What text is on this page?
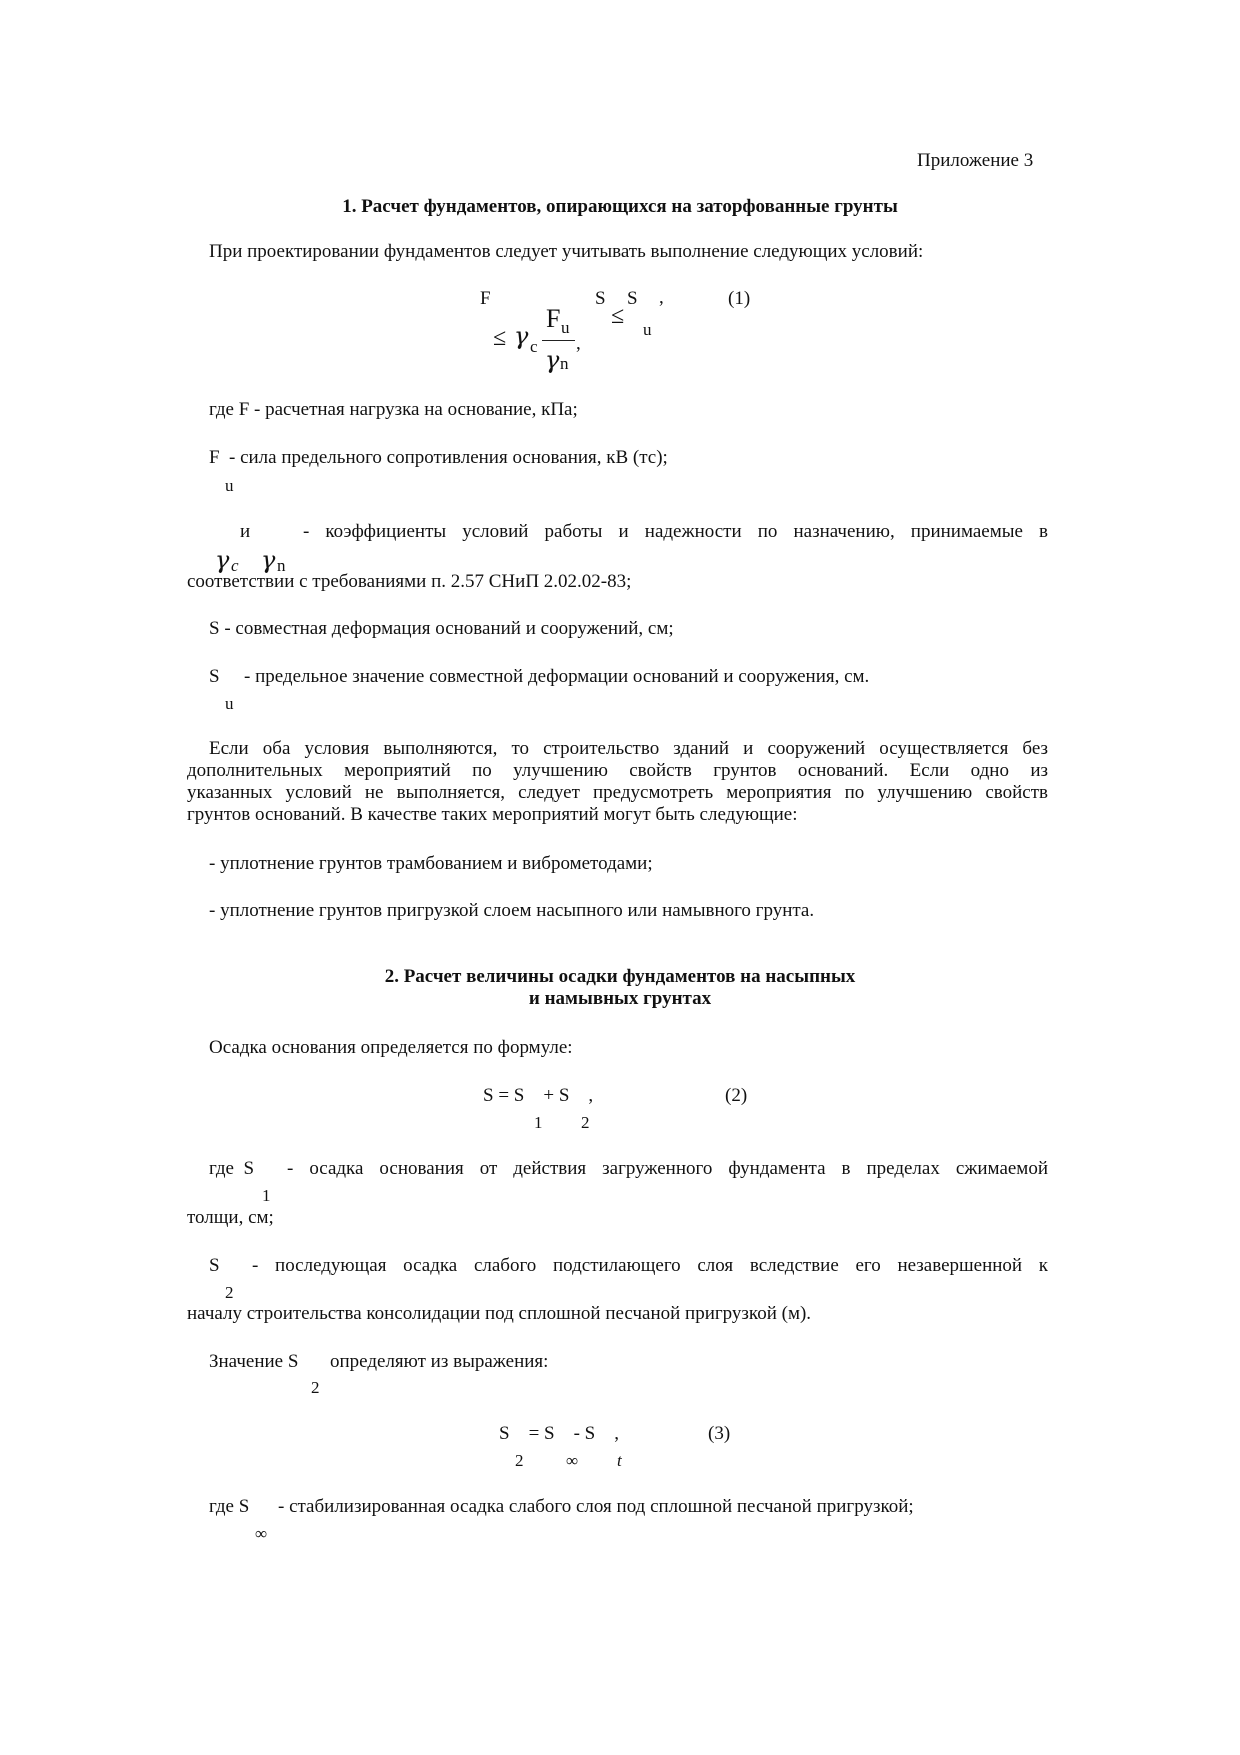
Приложение 3
1. Расчет фундаментов, опирающихся на заторфованные грунты
При проектировании фундаментов следует учитывать выполнение следующих условий:
F	S S ,	(1)
≤
u
≤ γ c
F u
γ n
,
где F - расчетная нагрузка на основание, кПа;
F
u
- сила предельного сопротивления основания, кВ (тс);
и	- коэффициенты условий работы и надежности по назначению, принимаемые в
γ c γ n
соответствии с требованиями п. 2.57 СНиП 2.02.02-83;
S - совместная деформация оснований и сооружений, см;
S
u
- предельное значение совместной деформации оснований и сооружения, см.
Если оба условия выполняются, то строительство зданий и сооружений осуществляется без
дополнительных мероприятий по улучшению свойств грунтов оснований. Если одно из
указанных условий не выполняется, следует предусмотреть мероприятия по улучшению свойств
грунтов оснований. В качестве таких мероприятий могут быть следующие:
- уплотнение грунтов трамбованием и виброметодами;
- уплотнение грунтов пригрузкой слоем насыпного или намывного грунта.
2. Расчет величины осадки фундаментов на насыпных
и намывных грунтах
Осадка основания определяется по формуле:
S = S    + S    ,
1 2
(2)
где  S
1
- осадка основания от действия загруженного фундамента в пределах сжимаемой
толщи, см;
S
2
- последующая осадка слабого подстилающего слоя вследствие его незавершенной к
началу строительства консолидации под сплошной песчаной пригрузкой (м).
Значение S
2
определяют из выражения:
S    = S    - S    ,
2	∞ t
(3)
где S
∞
- стабилизированная осадка слабого слоя под сплошной песчаной пригрузкой;
